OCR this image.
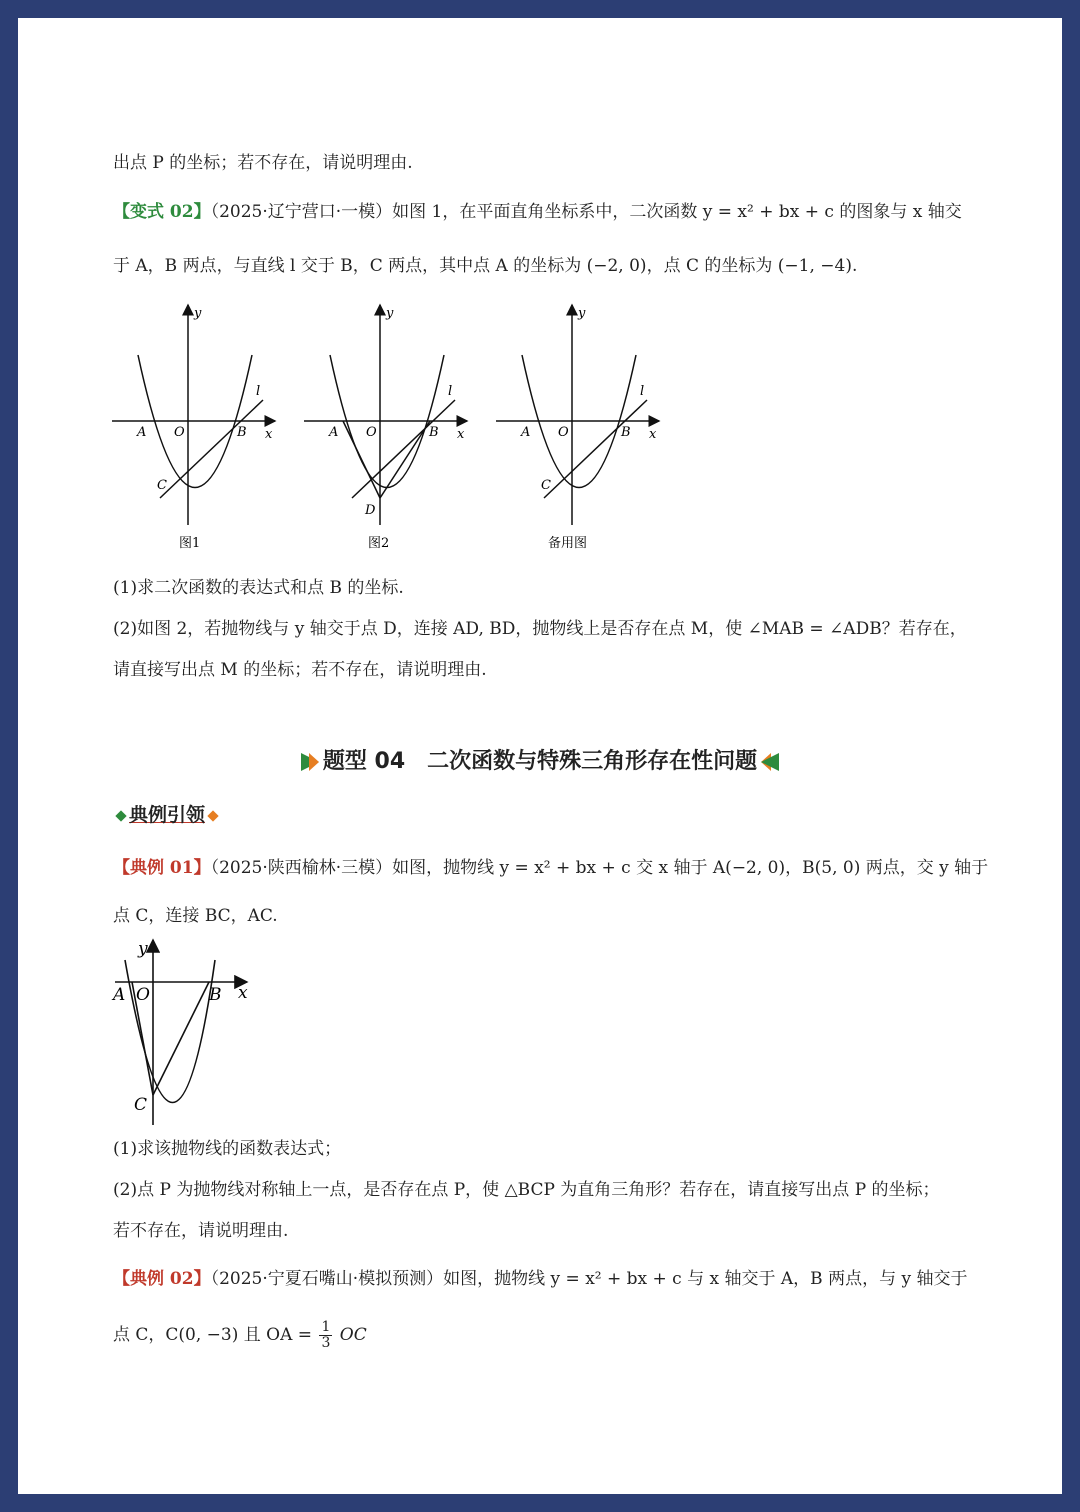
出点 P 的坐标；若不存在，请说明理由.
【变式 02】（2025·辽宁营口·一模）如图 1，在平面直角坐标系中，二次函数 y = x² + bx + c 的图象与 x 轴交
于 A，B 两点，与直线 l 交于 B，C 两点，其中点 A 的坐标为 (−2, 0)，点 C 的坐标为 (−1, −4).
y
x
A O	B
C
l
图1
y
x
A O	B
D
l
图2
y
x
A O	B
C
l
备用图
(1)求二次函数的表达式和点 B 的坐标.
(2)如图 2，若抛物线与 y 轴交于点 D，连接 AD, BD，抛物线上是否存在点 M，使 ∠MAB = ∠ADB？若存在，
请直接写出点 M 的坐标；若不存在，请说明理由.
题型 04　二次函数与特殊三角形存在性问题
典例引领
【典例 01】（2025·陕西榆林·三模）如图，抛物线 y = x² + bx + c 交 x 轴于 A(−2, 0)，B(5, 0) 两点，交 y 轴于
点 C，连接 BC，AC.
y
x
A O	B
C
(1)求该抛物线的函数表达式；
(2)点 P 为抛物线对称轴上一点，是否存在点 P，使 △BCP 为直角三角形？若存在，请直接写出点 P 的坐标；
若不存在，请说明理由.
【典例 02】（2025·宁夏石嘴山·模拟预测）如图，抛物线 y = x² + bx + c 与 x 轴交于 A，B 两点，与 y 轴交于
点 C，C(0, −3) 且 OA = $\frac{1}{3}$ OC
